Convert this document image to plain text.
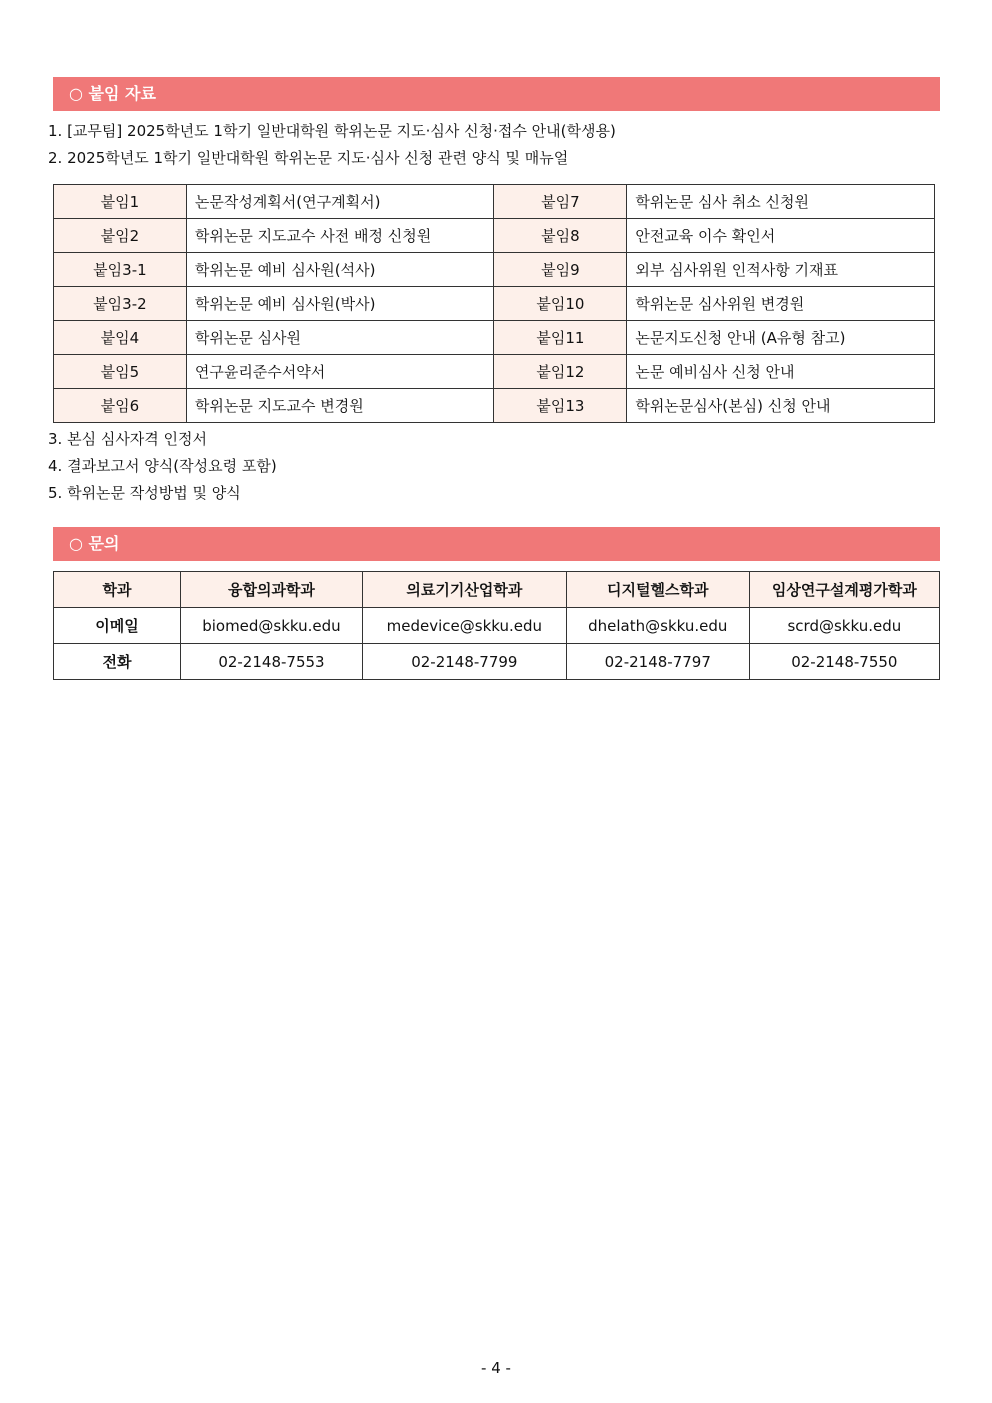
○ 붙임 자료
1. [교무팀] 2025학년도 1학기 일반대학원 학위논문 지도·심사 신청·접수 안내(학생용)
2. 2025학년도 1학기 일반대학원 학위논문 지도·심사 신청 관련 양식 및 매뉴얼
붙임1	논문작성계획서(연구계획서)	붙임7	학위논문 심사 취소 신청원
붙임2	학위논문 지도교수 사전 배정 신청원	붙임8	안전교육 이수 확인서
붙임3-1	학위논문 예비 심사원(석사)	붙임9	외부 심사위원 인적사항 기재표
붙임3-2	학위논문 예비 심사원(박사)	붙임10	학위논문 심사위원 변경원
붙임4	학위논문 심사원	붙임11	논문지도신청 안내 (A유형 참고)
붙임5	연구윤리준수서약서	붙임12	논문 예비심사 신청 안내
붙임6	학위논문 지도교수 변경원	붙임13	학위논문심사(본심) 신청 안내
3. 본심 심사자격 인정서
4. 결과보고서 양식(작성요령 포함)
5. 학위논문 작성방법 및 양식
○ 문의
학과	융합의과학과	의료기기산업학과	디지털헬스학과	임상연구설계평가학과
이메일	biomed@skku.edu	medevice@skku.edu	dhelath@skku.edu	scrd@skku.edu
전화	02-2148-7553	02-2148-7799	02-2148-7797	02-2148-7550
- 4 -
